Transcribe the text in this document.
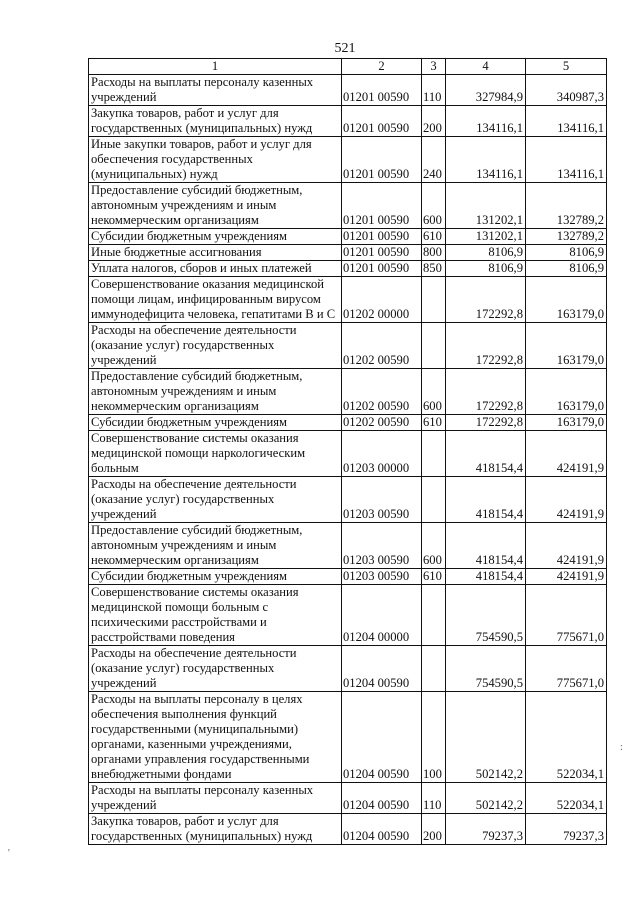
521
1	2	3	4	5
Расходы на выплаты персоналу казенных учреждений	01201 00590	110	327984,9	340987,3
Закупка товаров, работ и услуг для государственных (муниципальных) нужд	01201 00590	200	134116,1	134116,1
Иные закупки товаров, работ и услуг для обеспечения государственных (муниципальных) нужд	01201 00590	240	134116,1	134116,1
Предоставление субсидий бюджетным, автономным учреждениям и иным некоммерческим организациям	01201 00590	600	131202,1	132789,2
Субсидии бюджетным учреждениям	01201 00590	610	131202,1	132789,2
Иные бюджетные ассигнования	01201 00590	800	8106,9	8106,9
Уплата налогов, сборов и иных платежей	01201 00590	850	8106,9	8106,9
Совершенствование оказания медицинской помощи лицам, инфицированным вирусом иммунодефицита человека, гепатитами В и С	01202 00000		172292,8	163179,0
Расходы на обеспечение деятельности (оказание услуг) государственных учреждений	01202 00590		172292,8	163179,0
Предоставление субсидий бюджетным, автономным учреждениям и иным некоммерческим организациям	01202 00590	600	172292,8	163179,0
Субсидии бюджетным учреждениям	01202 00590	610	172292,8	163179,0
Совершенствование системы оказания медицинской помощи наркологическим больным	01203 00000		418154,4	424191,9
Расходы на обеспечение деятельности (оказание услуг) государственных учреждений	01203 00590		418154,4	424191,9
Предоставление субсидий бюджетным, автономным учреждениям и иным некоммерческим организациям	01203 00590	600	418154,4	424191,9
Субсидии бюджетным учреждениям	01203 00590	610	418154,4	424191,9
Совершенствование системы оказания медицинской помощи больным с психическими расстройствами и расстройствами поведения	01204 00000		754590,5	775671,0
Расходы на обеспечение деятельности (оказание услуг) государственных учреждений	01204 00590		754590,5	775671,0
Расходы на выплаты персоналу в целях обеспечения выполнения функций государственными (муниципальными) органами, казенными учреждениями, органами управления государственными внебюджетными фондами	01204 00590	100	502142,2	522034,1
Расходы на выплаты персоналу казенных учреждений	01204 00590	110	502142,2	522034,1
Закупка товаров, работ и услуг для государственных (муниципальных) нужд	01204 00590	200	79237,3	79237,3
:
'
